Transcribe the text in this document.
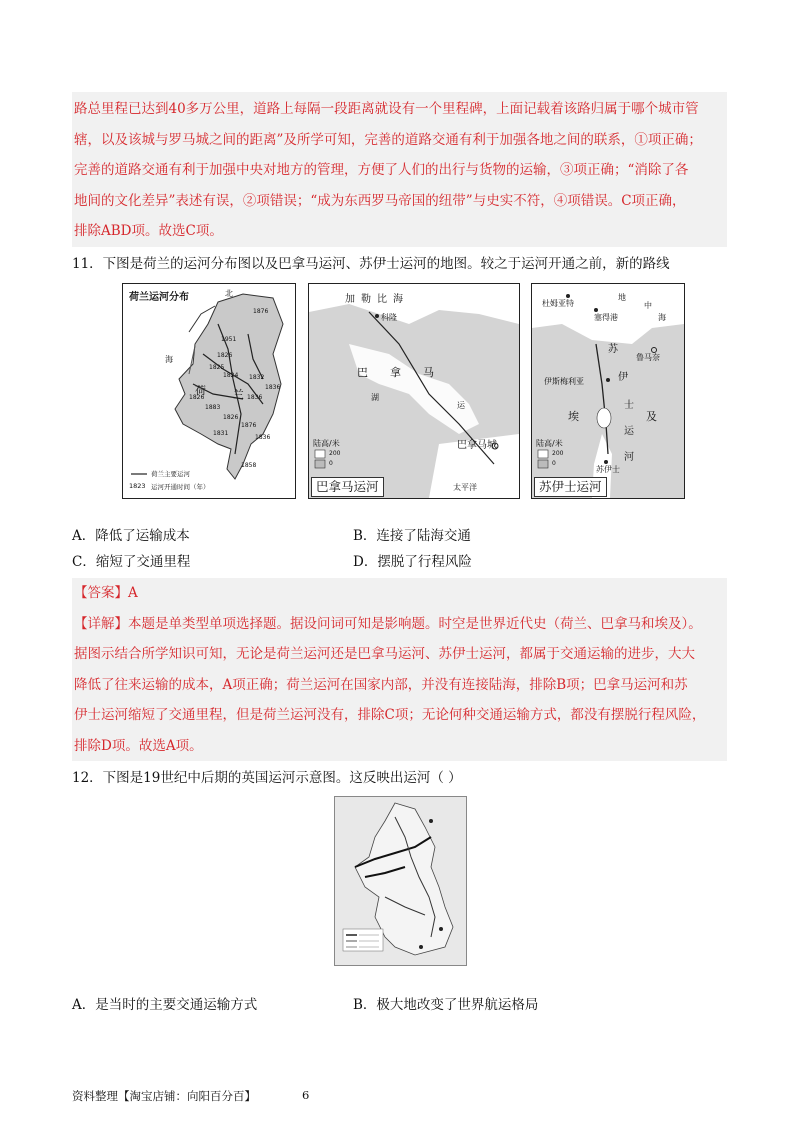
路总里程已达到40多万公里，道路上每隔一段距离就设有一个里程碑，上面记载着该路归属于哪个城市管

辖，以及该城与罗马城之间的距离”及所学可知，完善的道路交通有利于加强各地之间的联系，①项正确；

完善的道路交通有利于加强中央对地方的管理，方便了人们的出行与货物的运输，③项正确；“消除了各

地间的文化差异”表述有误，②项错误；“成为东西罗马帝国的纽带”与史实不符，④项错误。C项正确，

排除ABD项。故选C项。

11．下图是荷兰的运河分布图以及巴拿马运河、苏伊士运河的地图。较之于运河开通之前，新的路线
荷兰运河分布	北
海
荷 兰
1876
1951
1826
1825
1824 1832
1836
1836
1883
1826
1876
1831
1836
1858
1826
荷兰主要运河
1823 运河开通时间（年）
加勒比海
科隆
巴拿马
湖
运
巴拿马城
陆高/米
200
0
太平洋
巴拿马运河
地
中
海
杜姆亚特
塞得港
鲁马奈
伊斯梅利亚
苏
伊
士
运
河
埃	及
苏伊士
陆高/米
200
0
苏伊士运河
A．降低了运输成本	B．连接了陆海交通
C．缩短了交通里程	D．摆脱了行程风险

【答案】A

【详解】本题是单类型单项选择题。据设问词可知是影响题。时空是世界近代史（荷兰、巴拿马和埃及）。

据图示结合所学知识可知，无论是荷兰运河还是巴拿马运河、苏伊士运河，都属于交通运输的进步，大大

降低了往来运输的成本，A项正确；荷兰运河在国家内部，并没有连接陆海，排除B项；巴拿马运河和苏

伊士运河缩短了交通里程，但是荷兰运河没有，排除C项；无论何种交通运输方式，都没有摆脱行程风险，

排除D项。故选A项。

12．下图是19世纪中后期的英国运河示意图。这反映出运河（ ）
A．是当时的主要交通运输方式	B．极大地改变了世界航运格局
资料整理【淘宝店铺：向阳百分百】	6
